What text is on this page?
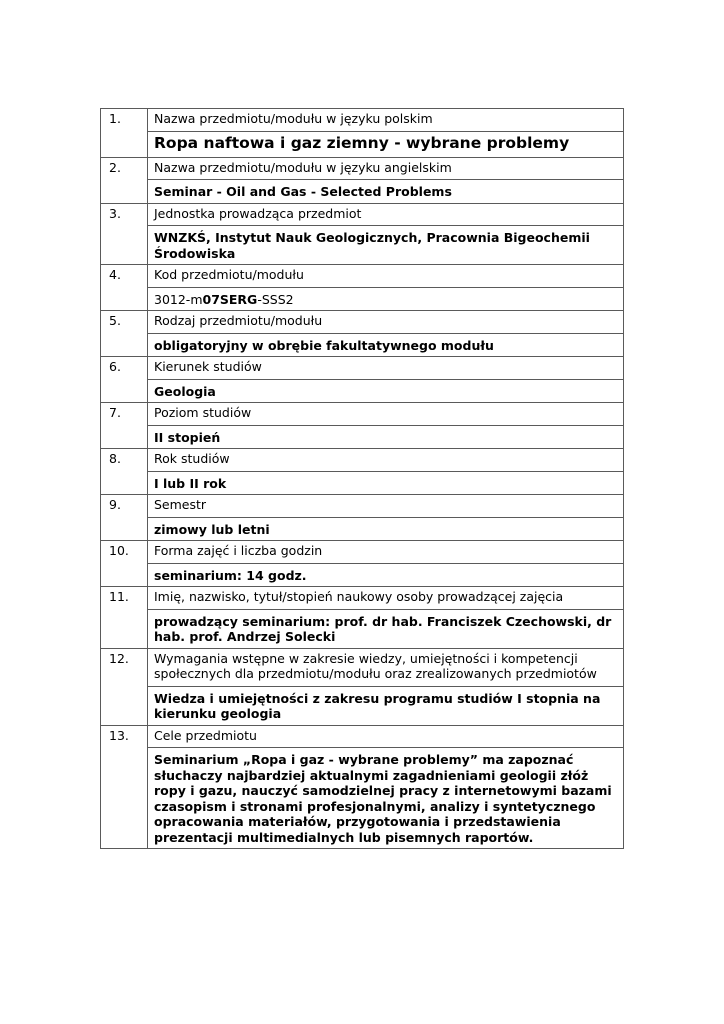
1.	Nazwa przedmiotu/modułu w języku polskim
Ropa naftowa i gaz ziemny - wybrane problemy

2.	Nazwa przedmiotu/modułu w języku angielskim
Seminar - Oil and Gas - Selected Problems

3.	Jednostka prowadząca przedmiot
WNZKŚ, Instytut Nauk Geologicznych, Pracownia Bigeochemii Środowiska

4.	Kod przedmiotu/modułu
3012-m07SERG-SSS2

5.	Rodzaj przedmiotu/modułu
obligatoryjny w obrębie fakultatywnego modułu

6.	Kierunek studiów
Geologia

7.	Poziom studiów
II stopień

8.	Rok studiów
I lub II rok

9.	Semestr
zimowy lub letni

10.	Forma zajęć i liczba godzin
seminarium: 14 godz.

11.	Imię, nazwisko, tytuł/stopień naukowy osoby prowadzącej zajęcia
prowadzący seminarium: prof. dr hab. Franciszek Czechowski, dr hab. prof. Andrzej Solecki

12.	Wymagania wstępne w zakresie wiedzy, umiejętności i kompetencji społecznych dla przedmiotu/modułu oraz zrealizowanych przedmiotów
Wiedza i umiejętności z zakresu programu studiów I stopnia na kierunku geologia

13.	Cele przedmiotu
Seminarium „Ropa i gaz - wybrane problemy” ma zapoznać słuchaczy najbardziej aktualnymi zagadnieniami geologii złóż ropy i gazu, nauczyć samodzielnej pracy z internetowymi bazami czasopism i stronami profesjonalnymi, analizy i syntetycznego opracowania materiałów, przygotowania i przedstawienia prezentacji multimedialnych lub pisemnych raportów.
